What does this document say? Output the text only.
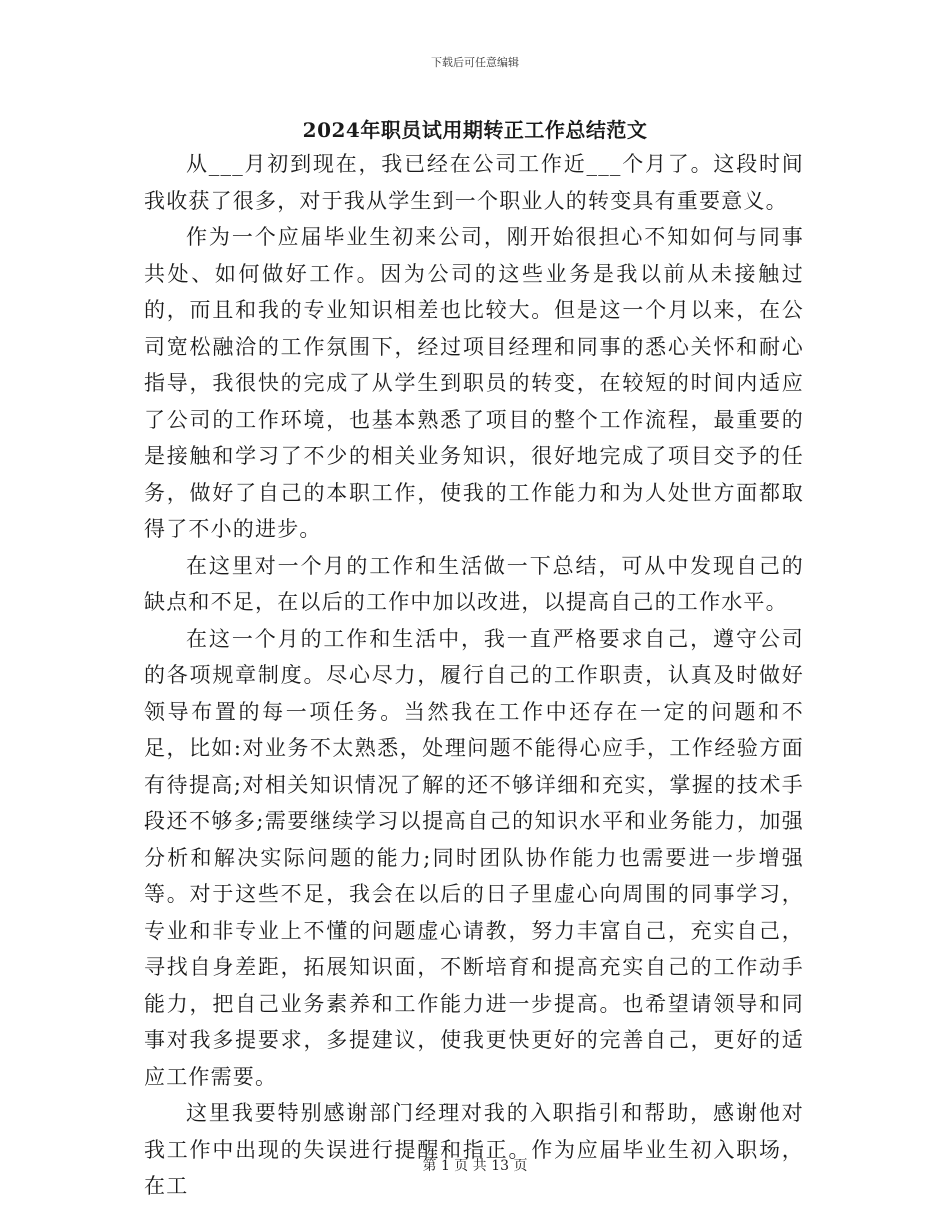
下载后可任意编辑
2024年职员试用期转正工作总结范文

从___月初到现在，我已经在公司工作近___个月了。这段时间我收获了很多，对于我从学生到一个职业人的转变具有重要意义。

作为一个应届毕业生初来公司，刚开始很担心不知如何与同事共处、如何做好工作。因为公司的这些业务是我以前从未接触过的，而且和我的专业知识相差也比较大。但是这一个月以来，在公司宽松融洽的工作氛围下，经过项目经理和同事的悉心关怀和耐心指导，我很快的完成了从学生到职员的转变，在较短的时间内适应了公司的工作环境，也基本熟悉了项目的整个工作流程，最重要的是接触和学习了不少的相关业务知识，很好地完成了项目交予的任务，做好了自己的本职工作，使我的工作能力和为人处世方面都取得了不小的进步。

在这里对一个月的工作和生活做一下总结，可从中发现自己的缺点和不足，在以后的工作中加以改进，以提高自己的工作水平。

在这一个月的工作和生活中，我一直严格要求自己，遵守公司的各项规章制度。尽心尽力，履行自己的工作职责，认真及时做好领导布置的每一项任务。当然我在工作中还存在一定的问题和不足，比如:对业务不太熟悉，处理问题不能得心应手，工作经验方面有待提高;对相关知识情况了解的还不够详细和充实，掌握的技术手段还不够多;需要继续学习以提高自己的知识水平和业务能力，加强分析和解决实际问题的能力;同时团队协作能力也需要进一步增强等。对于这些不足，我会在以后的日子里虚心向周围的同事学习，专业和非专业上不懂的问题虚心请教，努力丰富自己，充实自己，寻找自身差距，拓展知识面，不断培育和提高充实自己的工作动手能力，把自己业务素养和工作能力进一步提高。也希望请领导和同事对我多提要求，多提建议，使我更快更好的完善自己，更好的适应工作需要。

这里我要特别感谢部门经理对我的入职指引和帮助，感谢他对我工作中出现的失误进行提醒和指正。作为应届毕业生初入职场，在工

第 1 页 共 13 页
